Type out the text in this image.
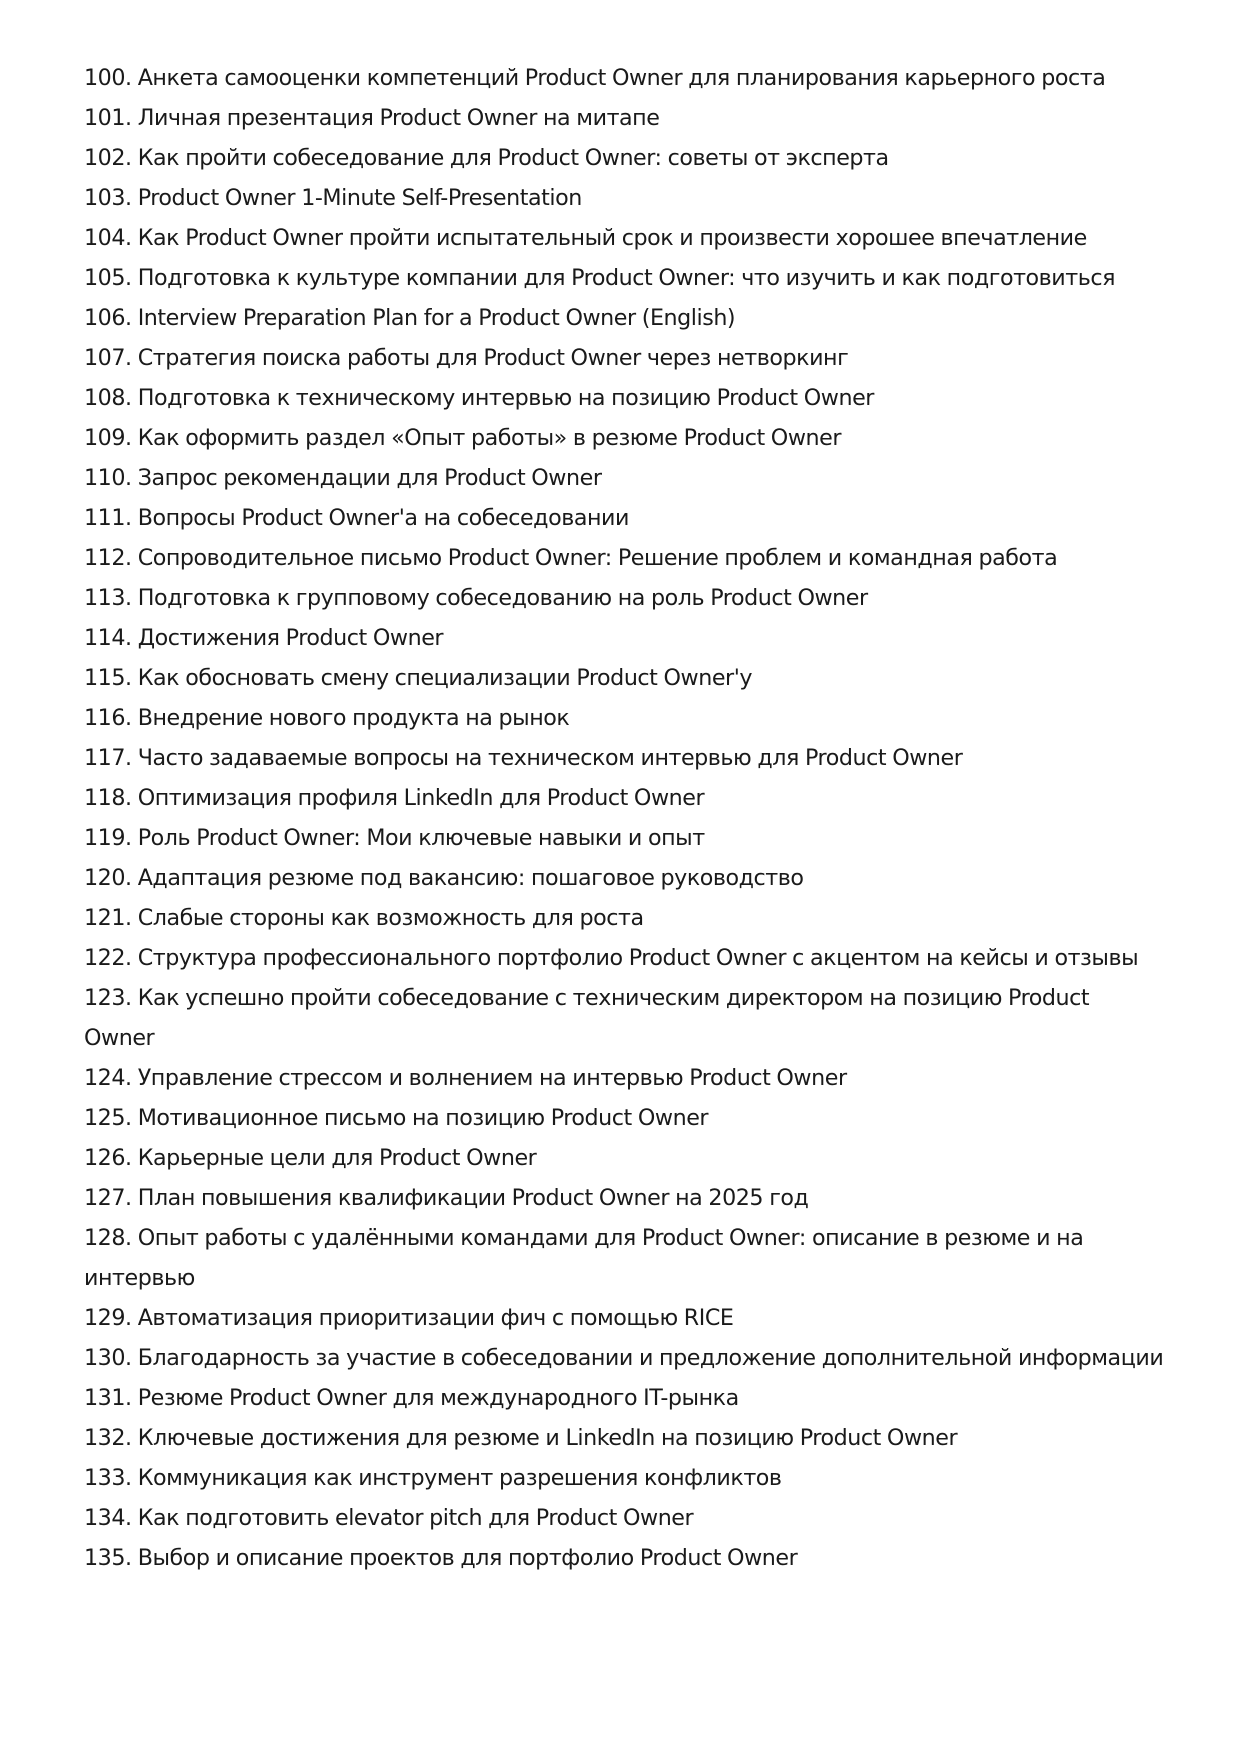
100. Анкета самооценки компетенций Product Owner для планирования карьерного роста

101. Личная презентация Product Owner на митапе

102. Как пройти собеседование для Product Owner: советы от эксперта

103. Product Owner 1-Minute Self-Presentation

104. Как Product Owner пройти испытательный срок и произвести хорошее впечатление

105. Подготовка к культуре компании для Product Owner: что изучить и как подготовиться

106. Interview Preparation Plan for a Product Owner (English)

107. Стратегия поиска работы для Product Owner через нетворкинг

108. Подготовка к техническому интервью на позицию Product Owner

109. Как оформить раздел «Опыт работы» в резюме Product Owner

110. Запрос рекомендации для Product Owner

111. Вопросы Product Owner'а на собеседовании

112. Сопроводительное письмо Product Owner: Решение проблем и командная работа

113. Подготовка к групповому собеседованию на роль Product Owner

114. Достижения Product Owner

115. Как обосновать смену специализации Product Owner'у

116. Внедрение нового продукта на рынок

117. Часто задаваемые вопросы на техническом интервью для Product Owner

118. Оптимизация профиля LinkedIn для Product Owner

119. Роль Product Owner: Мои ключевые навыки и опыт

120. Адаптация резюме под вакансию: пошаговое руководство

121. Слабые стороны как возможность для роста

122. Структура профессионального портфолио Product Owner с акцентом на кейсы и отзывы

123. Как успешно пройти собеседование с техническим директором на позицию Product Owner

124. Управление стрессом и волнением на интервью Product Owner

125. Мотивационное письмо на позицию Product Owner

126. Карьерные цели для Product Owner

127. План повышения квалификации Product Owner на 2025 год

128. Опыт работы с удалёнными командами для Product Owner: описание в резюме и на интервью

129. Автоматизация приоритизации фич с помощью RICE

130. Благодарность за участие в собеседовании и предложение дополнительной информации

131. Резюме Product Owner для международного IT-рынка

132. Ключевые достижения для резюме и LinkedIn на позицию Product Owner

133. Коммуникация как инструмент разрешения конфликтов

134. Как подготовить elevator pitch для Product Owner

135. Выбор и описание проектов для портфолио Product Owner
